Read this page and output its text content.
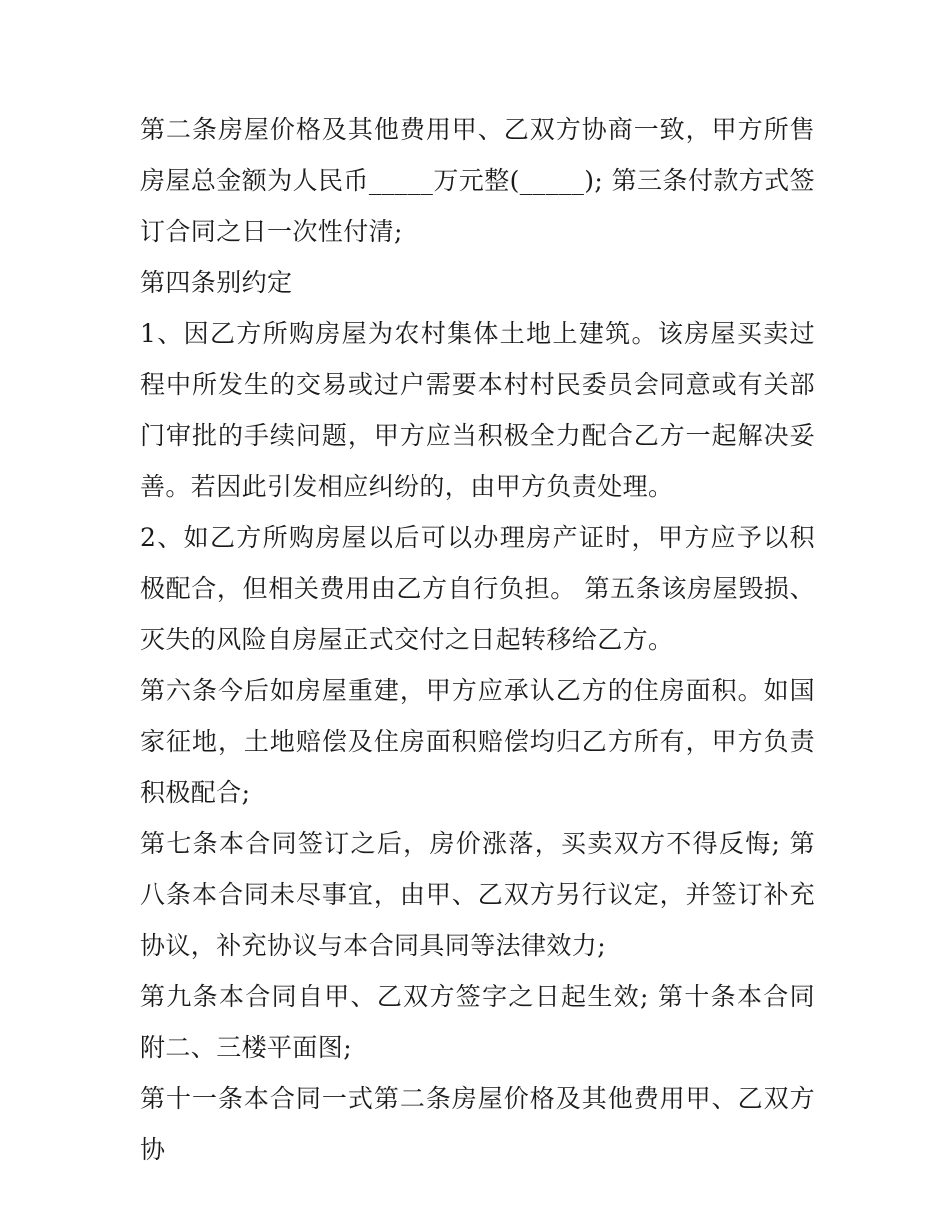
第二条房屋价格及其他费用甲、乙双方协商一致，甲方所售房屋总金额为人民币_____万元整(_____); 第三条付款方式签订合同之日一次性付清;

第四条别约定

1、因乙方所购房屋为农村集体土地上建筑。该房屋买卖过程中所发生的交易或过户需要本村村民委员会同意或有关部门审批的手续问题，甲方应当积极全力配合乙方一起解决妥善。若因此引发相应纠纷的，由甲方负责处理。

2、如乙方所购房屋以后可以办理房产证时，甲方应予以积极配合，但相关费用由乙方自行负担。 第五条该房屋毁损、灭失的风险自房屋正式交付之日起转移给乙方。

第六条今后如房屋重建，甲方应承认乙方的住房面积。如国家征地，土地赔偿及住房面积赔偿均归乙方所有，甲方负责积极配合;

第七条本合同签订之后，房价涨落，买卖双方不得反悔; 第八条本合同未尽事宜，由甲、乙双方另行议定，并签订补充协议，补充协议与本合同具同等法律效力;

第九条本合同自甲、乙双方签字之日起生效; 第十条本合同附二、三楼平面图;

第十一条本合同一式第二条房屋价格及其他费用甲、乙双方协
